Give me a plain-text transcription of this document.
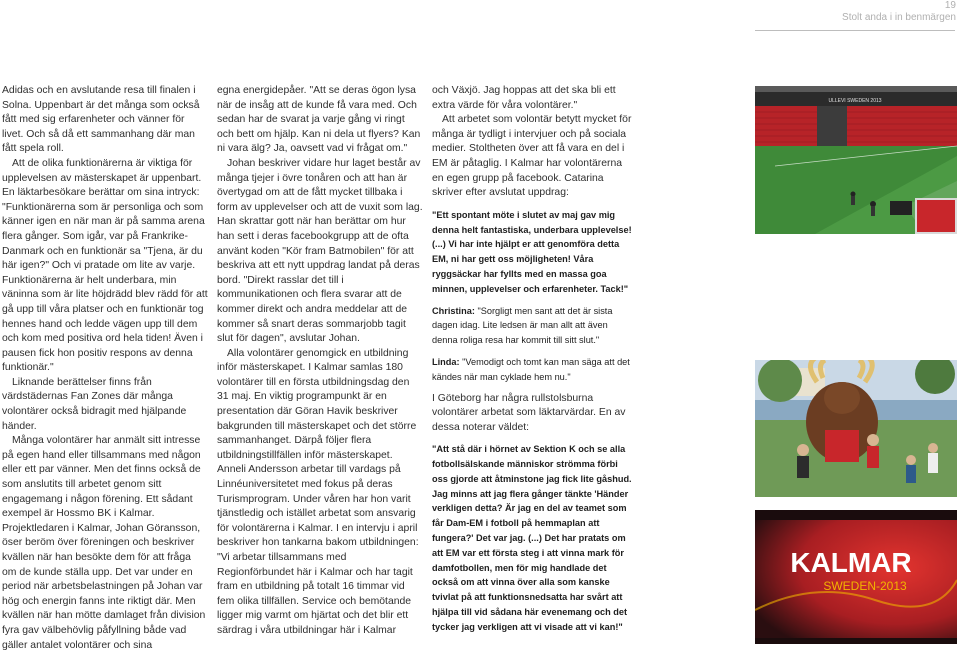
19
Stolt anda i in benmärgen

Adidas och en avslutande resa till finalen i Solna. Uppenbart är det många som också fått med sig erfarenheter och vänner för livet. Och så då ett sammanhang där man fått spela roll.

Att de olika funktionärerna är viktiga för upplevelsen av mästerskapet är uppenbart. En läktarbesökare berättar om sina intryck: "Funktionärerna som är personliga och som känner igen en när man är på samma arena flera gånger. Som igår, var på Frankrike-Danmark och en funktionär sa "Tjena, är du här igen?" Och vi pratade om lite av varje. Funktionärerna är helt underbara, min väninna som är lite höjdrädd blev rädd för att gå upp till våra platser och en funktionär tog hennes hand och ledde vägen upp till dem och kom med positiva ord hela tiden! Även i pausen fick hon positiv respons av denna funktionär."

Liknande berättelser finns från värdstädernas Fan Zones där många volontärer också bidragit med hjälpande händer.

Många volontärer har anmält sitt intresse på egen hand eller tillsammans med någon eller ett par vänner. Men det finns också de som anslutits till arbetet genom sitt engagemang i någon förening. Ett sådant exempel är Hossmo BK i Kalmar. Projektledaren i Kalmar, Johan Göransson, öser beröm över föreningen och beskriver kvällen när han besökte dem för att fråga om de kunde ställa upp. Det var under en period när arbetsbelastningen på Johan var hög och energin fanns inte riktigt där. Men kvällen när han mötte damlaget från division fyra gav välbehövlig påfyllning både vad gäller antalet volontärer och sina

egna energidepåer. "Att se deras ögon lysa när de insåg att de kunde få vara med. Och sedan har de svarat ja varje gång vi ringt och bett om hjälp. Kan ni dela ut flyers? Kan ni vara älg? Ja, oavsett vad vi frågat om."

Johan beskriver vidare hur laget består av många tjejer i övre tonåren och att han är övertygad om att de fått mycket tillbaka i form av upplevelser och att de vuxit som lag. Han skrattar gott när han berättar om hur han sett i deras facebookgrupp att de ofta använt koden "Kör fram Batmobilen" för att beskriva att ett nytt uppdrag landat på deras bord. "Direkt rasslar det till i kommunikationen och flera svarar att de kommer direkt och andra meddelar att de kommer så snart deras sommarjobb tagit slut för dagen", avslutar Johan.

Alla volontärer genomgick en utbildning inför mästerskapet. I Kalmar samlas 180 volontärer till en första utbildningsdag den 31 maj. En viktig programpunkt är en presentation där Göran Havik beskriver bakgrunden till mästerskapet och det större sammanhanget. Därpå följer flera utbildningstillfällen inför mästerskapet. Anneli Andersson arbetar till vardags på Linnéuniversitetet med fokus på deras Turismprogram. Under våren har hon varit tjänstledig och istället arbetat som ansvarig för volontärerna i Kalmar. I en intervju i april beskriver hon tankarna bakom utbildningen: "Vi arbetar tillsammans med Regionförbundet här i Kalmar och har tagit fram en utbildning på totalt 16 timmar vid fem olika tillfällen. Service och bemötande ligger mig varmt om hjärtat och det blir ett särdrag i våra utbildningar här i Kalmar

och Växjö. Jag hoppas att det ska bli ett extra värde för våra volontärer."

Att arbetet som volontär betytt mycket för många är tydligt i intervjuer och på sociala medier. Stoltheten över att få vara en del i EM är påtaglig. I Kalmar har volontärerna en egen grupp på facebook. Catarina skriver efter avslutat uppdrag:

"Ett spontant möte i slutet av maj gav mig denna helt fantastiska, underbara upplevelse! (...) Vi har inte hjälpt er att genomföra detta EM, ni har gett oss möjligheten! Våra ryggsäckar har fyllts med en massa goa minnen, upplevelser och erfarenheter. Tack!"

Christina: "Sorgligt men sant att det är sista dagen idag. Lite ledsen är man allt att även denna roliga resa har kommit till sitt slut."

Linda: "Vemodigt och tomt kan man säga att det kändes när man cyklade hem nu."

I Göteborg har några rullstolsburna volontärer arbetat som läktarvärdar. En av dessa noterar väldet:

"Att stå där i hörnet av Sektion K och se alla fotbollsälskande människor strömma förbi oss gjorde att åtminstone jag fick lite gåshud. Jag minns att jag flera gånger tänkte 'Händer verkligen detta? Är jag en del av teamet som får Dam-EM i fotboll på hemmaplan att fungera?' Det var jag. (...) Det har pratats om att EM var ett första steg i att vinna mark för damfotbollen, men för mig handlade det också om att vinna över alla som kanske tvivlat på att funktionsnedsatta har svårt att hjälpa till vid sådana här evenemang och det tycker jag verkligen att vi visade att vi kan!"

ULLEVI SWEDEN 2013
KALMAR
SWEDEN-2013
